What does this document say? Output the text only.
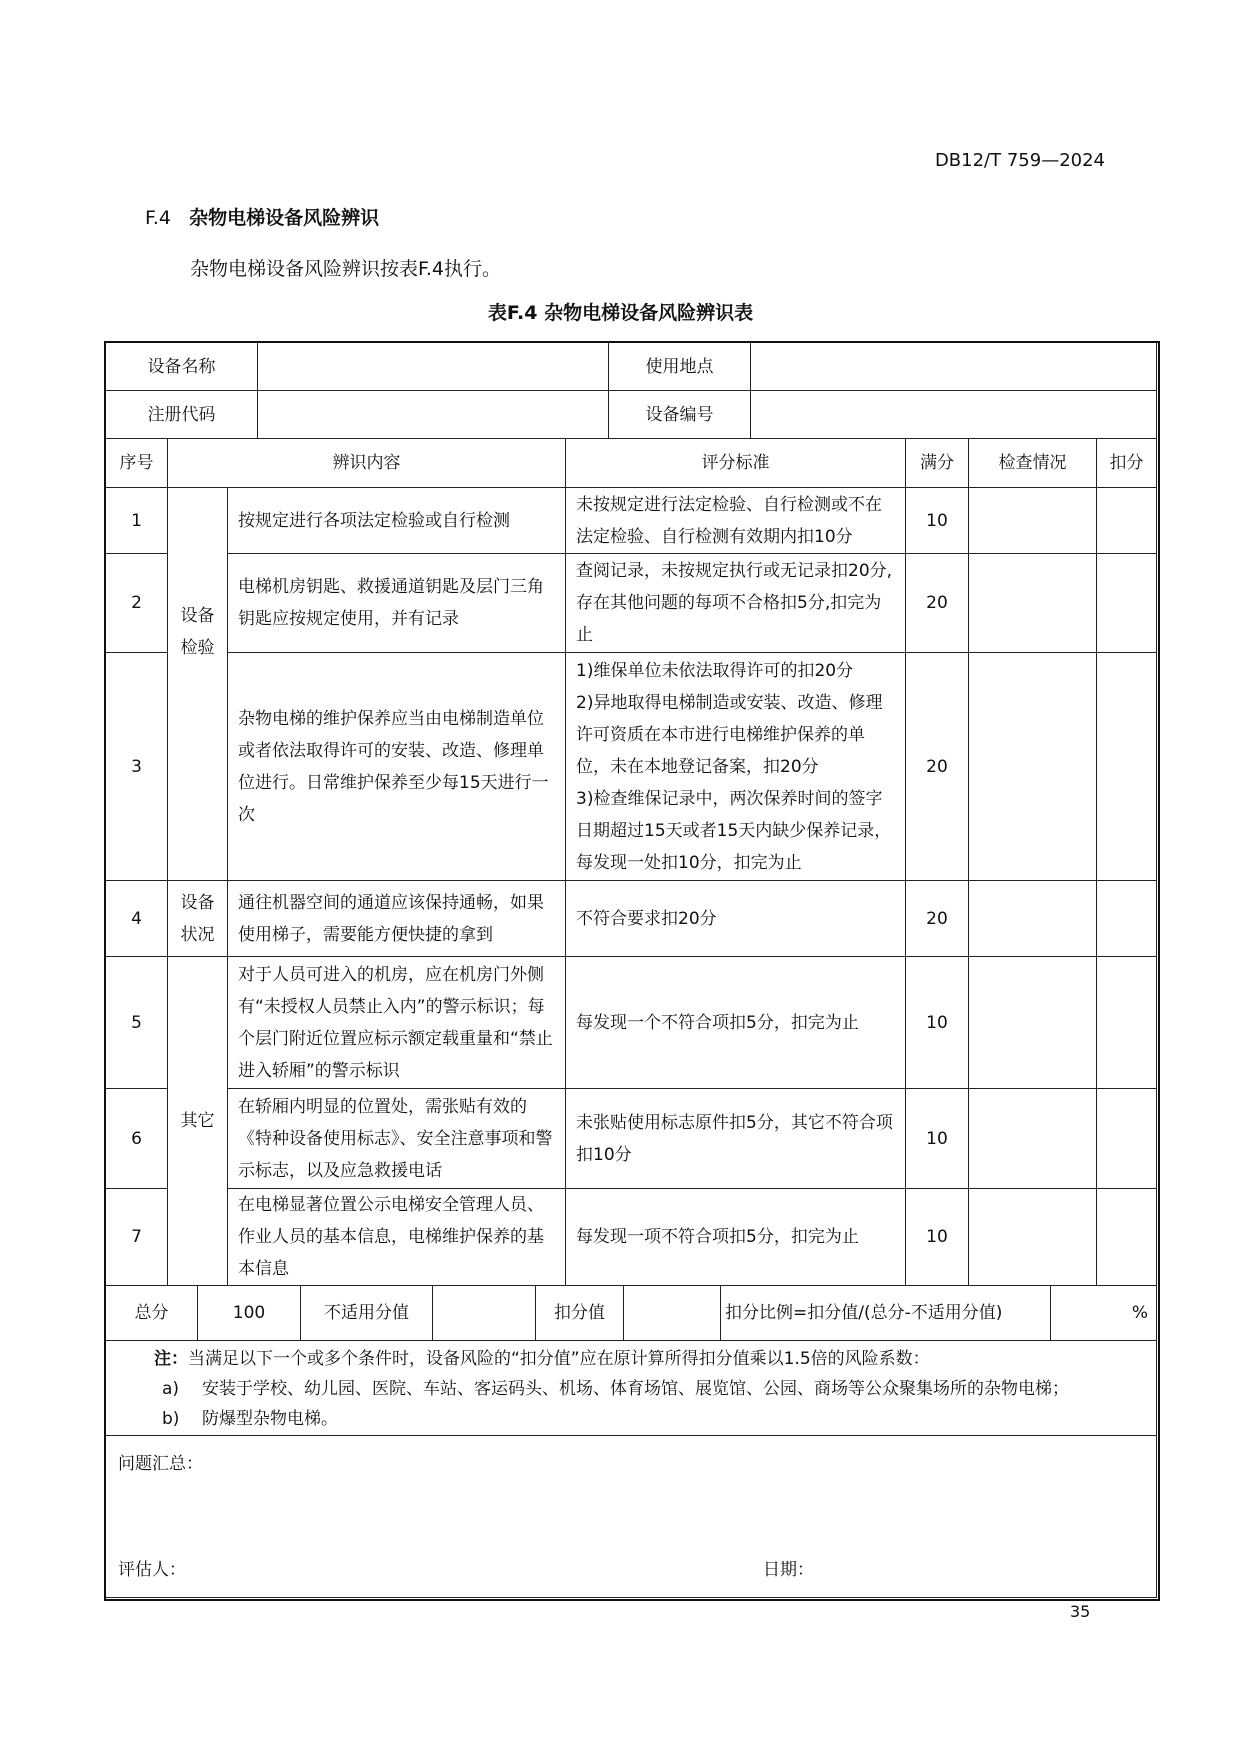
DB12/T 759—2024
F.4 杂物电梯设备风险辨识
杂物电梯设备风险辨识按表F.4执行。
表F.4 杂物电梯设备风险辨识表
设备名称		使用地点	
注册代码		设备编号	
序号	辨识内容		评分标准	满分	检查情况	扣分
1	设备检验	按规定进行各项法定检验或自行检测	未按规定进行法定检验、自行检测或不在法定检验、自行检测有效期内扣10分	10		
2		电梯机房钥匙、救援通道钥匙及层门三角钥匙应按规定使用，并有记录	查阅记录，未按规定执行或无记录扣20分,存在其他问题的每项不合格扣5分,扣完为止	20		
3		杂物电梯的维护保养应当由电梯制造单位或者依法取得许可的安装、改造、修理单位进行。日常维护保养至少每15天进行一次	1)维保单位未依法取得许可的扣20分
2)异地取得电梯制造或安装、改造、修理许可资质在本市进行电梯维护保养的单位，未在本地登记备案，扣20分
3)检查维保记录中，两次保养时间的签字日期超过15天或者15天内缺少保养记录，每发现一处扣10分，扣完为止	20		
4	设备状况	通往机器空间的通道应该保持通畅，如果使用梯子，需要能方便快捷的拿到	不符合要求扣20分	20		
5	其它	对于人员可进入的机房，应在机房门外侧有“未授权人员禁止入内”的警示标识；每个层门附近位置应标示额定载重量和“禁止进入轿厢”的警示标识	每发现一个不符合项扣5分，扣完为止	10		
6		在轿厢内明显的位置处，需张贴有效的《特种设备使用标志》、安全注意事项和警示标志，以及应急救援电话	未张贴使用标志原件扣5分，其它不符合项扣10分	10		
7		在电梯显著位置公示电梯安全管理人员、作业人员的基本信息，电梯维护保养的基本信息	每发现一项不符合项扣5分，扣完为止	10		
总分	100	不适用分值		扣分值		扣分比例=扣分值/(总分-不适用分值)	%

注：当满足以下一个或多个条件时，设备风险的“扣分值”应在原计算所得扣分值乘以1.5倍的风险系数：
a) 安装于学校、幼儿园、医院、车站、客运码头、机场、体育场馆、展览馆、公园、商场等公众聚集场所的杂物电梯；
b) 防爆型杂物电梯。

问题汇总：
评估人：	日期：
35
